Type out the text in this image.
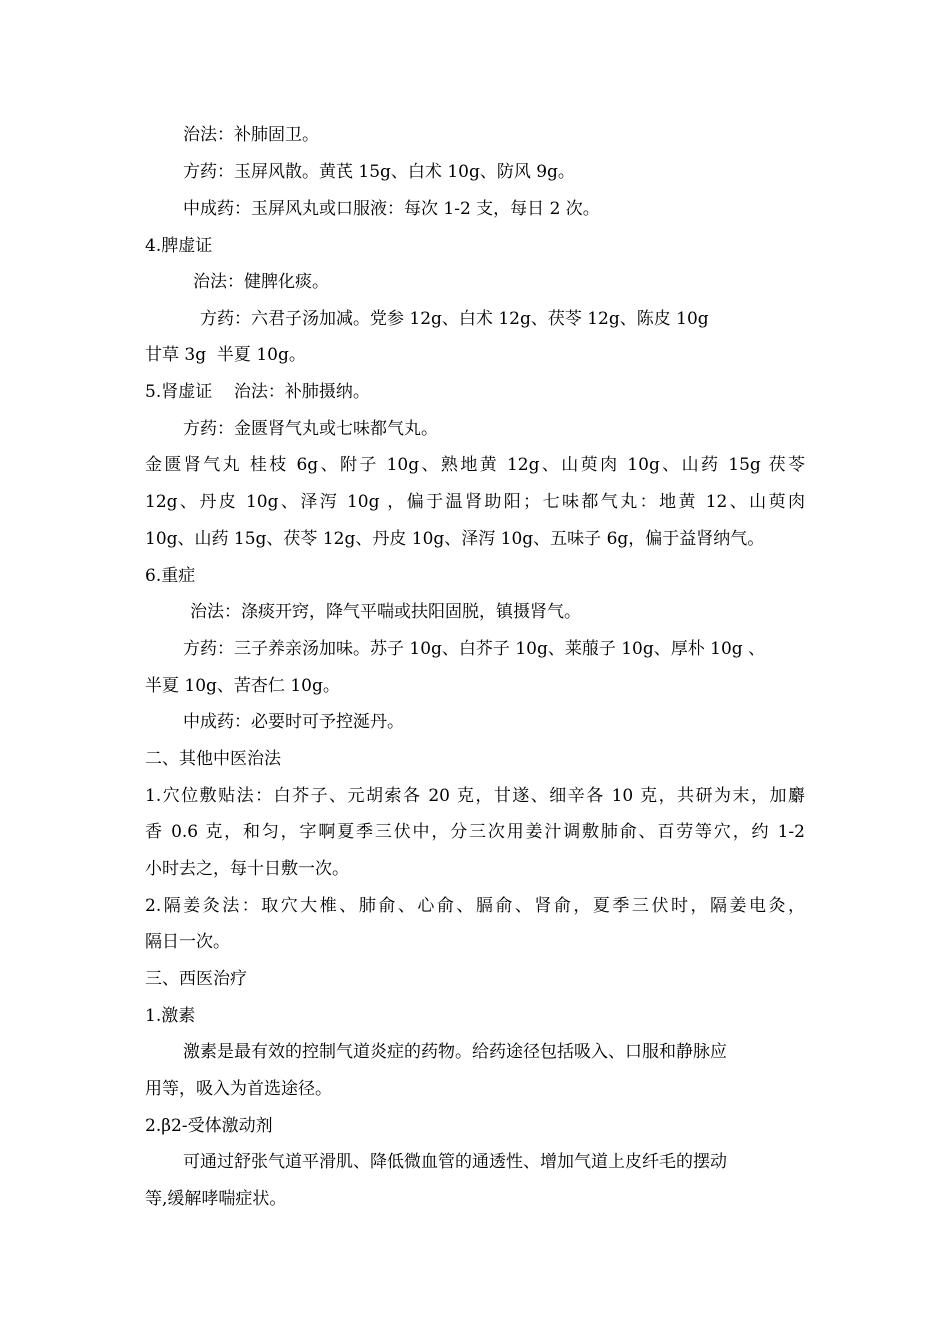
治法：补肺固卫。
方药：玉屏风散。黄芪 15g、白术 10g、防风 9g。
中成药：玉屏风丸或口服液：每次 1-2 支，每日 2 次。
4.脾虚证
治法：健脾化痰。
方药：六君子汤加减。党参 12g、白术 12g、茯苓 12g、陈皮 10g
甘草 3g  半夏 10g。
5.肾虚证    治法：补肺摄纳。
方药：金匮肾气丸或七味都气丸。
金匮肾气丸 桂枝 6g、附子 10g、熟地黄 12g、山萸肉 10g、山药 15g 茯苓
12g、丹皮 10g、泽泻 10g ，偏于温肾助阳；七味都气丸：地黄 12、山萸肉
10g、山药 15g、茯苓 12g、丹皮 10g、泽泻 10g、五味子 6g，偏于益肾纳气。
6.重症
治法：涤痰开窍，降气平喘或扶阳固脱，镇摄肾气。
方药：三子养亲汤加味。苏子 10g、白芥子 10g、莱菔子 10g、厚朴 10g 、
半夏 10g、苦杏仁 10g。
中成药：必要时可予控涎丹。
二、其他中医治法
1.穴位敷贴法：白芥子、元胡索各 20 克，甘遂、细辛各 10 克，共研为末，加麝
香 0.6 克，和匀，字啊夏季三伏中，分三次用姜汁调敷肺俞、百劳等穴，约 1-2
小时去之，每十日敷一次。
2.隔姜灸法：取穴大椎、肺俞、心俞、膈俞、肾俞，夏季三伏时，隔姜电灸，
隔日一次。
三、西医治疗
1.激素
激素是最有效的控制气道炎症的药物。给药途径包括吸入、口服和静脉应
用等，吸入为首选途径。
2.β2-受体激动剂
可通过舒张气道平滑肌、降低微血管的通透性、增加气道上皮纤毛的摆动
等,缓解哮喘症状。
